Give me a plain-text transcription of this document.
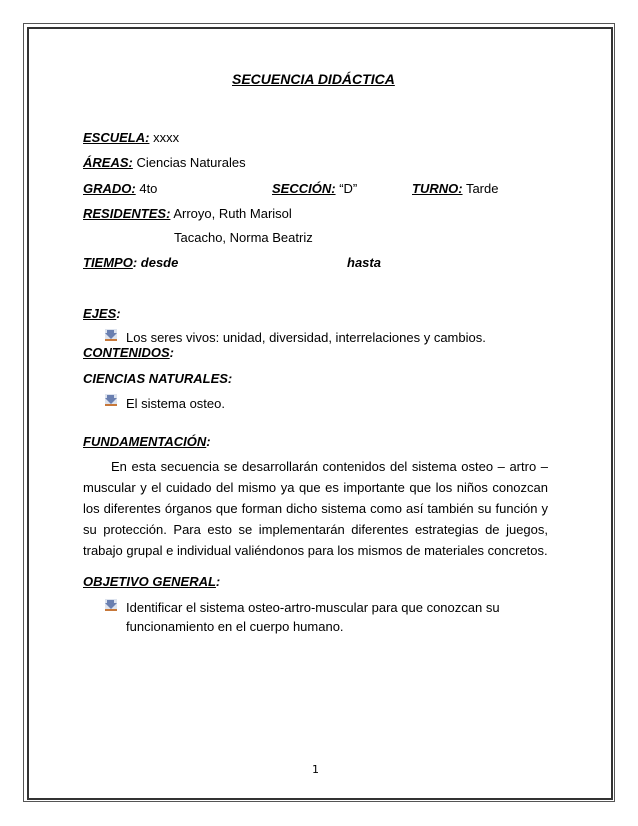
SECUENCIA DIDÁCTICA
ESCUELA: xxxx
ÁREAS: Ciencias Naturales
GRADO: 4to	SECCIÓN: “D”	TURNO: Tarde
RESIDENTES: Arroyo, Ruth Marisol
Tacacho, Norma Beatriz
TIEMPO: desde	hasta
EJES:
Los seres vivos: unidad, diversidad, interrelaciones y cambios.
CONTENIDOS:
CIENCIAS NATURALES:
El sistema osteo.
FUNDAMENTACIÓN:
En esta secuencia se desarrollarán contenidos del sistema osteo – artro – muscular y el cuidado del mismo ya que es importante que los niños conozcan los diferentes órganos que forman dicho sistema como así también su función y su protección. Para esto se implementarán diferentes estrategias de juegos, trabajo grupal e individual valiéndonos para los mismos de materiales concretos.
OBJETIVO GENERAL:
Identificar el sistema osteo-artro-muscular para que conozcan su
funcionamiento en el cuerpo humano.
1
